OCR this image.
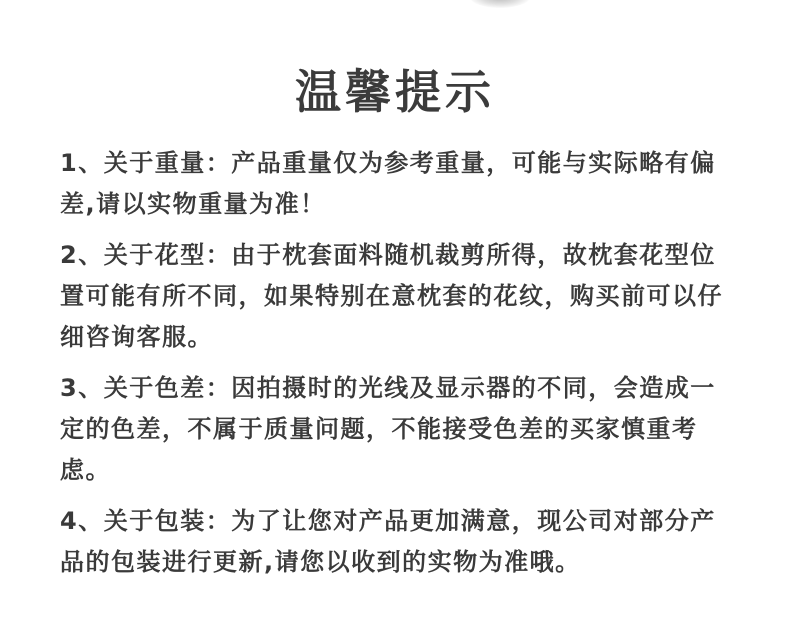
温馨提示

1、关于重量：产品重量仅为参考重量，可能与实际略有偏差,请以实物重量为准！

2、关于花型：由于枕套面料随机裁剪所得，故枕套花型位置可能有所不同，如果特别在意枕套的花纹，购买前可以仔细咨询客服。

3、关于色差：因拍摄时的光线及显示器的不同，会造成一定的色差，不属于质量问题，不能接受色差的买家慎重考虑。

4、关于包装：为了让您对产品更加满意，现公司对部分产品的包装进行更新,请您以收到的实物为准哦。
